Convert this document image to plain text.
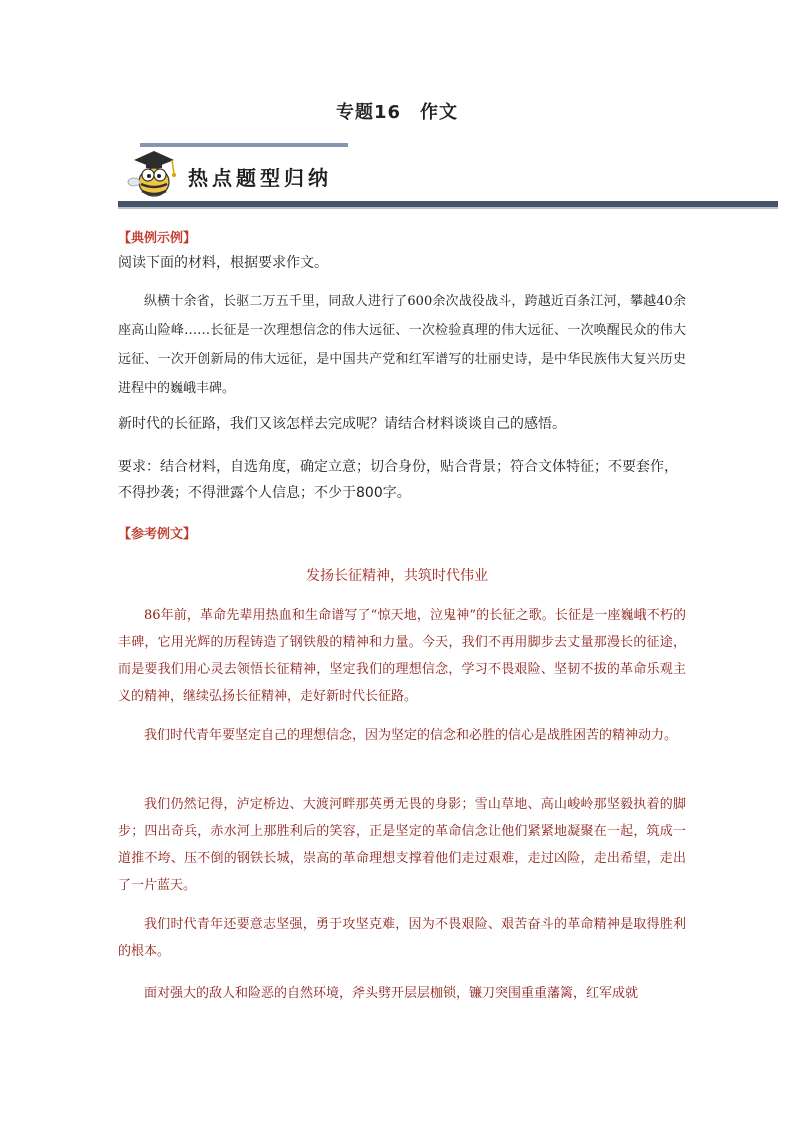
专题16　作文
热点题型归纳
【典例示例】
阅读下面的材料，根据要求作文。
纵横十余省，长驱二万五千里，同敌人进行了600余次战役战斗，跨越近百条江河，攀越40余座高山险峰……长征是一次理想信念的伟大远征、一次检验真理的伟大远征、一次唤醒民众的伟大远征、一次开创新局的伟大远征，是中国共产党和红军谱写的壮丽史诗，是中华民族伟大复兴历史进程中的巍峨丰碑。
新时代的长征路，我们又该怎样去完成呢？请结合材料谈谈自己的感悟。
要求：结合材料，自选角度，确定立意；切合身份，贴合背景；符合文体特征；不要套作，不得抄袭；不得泄露个人信息；不少于800字。
【参考例文】
发扬长征精神，共筑时代伟业
86年前，革命先辈用热血和生命谱写了“惊天地，泣鬼神”的长征之歌。长征是一座巍峨不朽的丰碑，它用光辉的历程铸造了钢铁般的精神和力量。今天，我们不再用脚步去丈量那漫长的征途，而是要我们用心灵去领悟长征精神，坚定我们的理想信念，学习不畏艰险、坚韧不拔的革命乐观主义的精神，继续弘扬长征精神，走好新时代长征路。
我们时代青年要坚定自己的理想信念，因为坚定的信念和必胜的信心是战胜困苦的精神动力。
我们仍然记得，泸定桥边、大渡河畔那英勇无畏的身影；雪山草地、高山峻岭那坚毅执着的脚步；四出奇兵，赤水河上那胜利后的笑容，正是坚定的革命信念让他们紧紧地凝聚在一起，筑成一道推不垮、压不倒的钢铁长城，崇高的革命理想支撑着他们走过艰难，走过凶险，走出希望，走出了一片蓝天。
我们时代青年还要意志坚强，勇于攻坚克难，因为不畏艰险、艰苦奋斗的革命精神是取得胜利的根本。
面对强大的敌人和险恶的自然环境，斧头劈开层层枷锁，镰刀突围重重藩篱，红军成就
